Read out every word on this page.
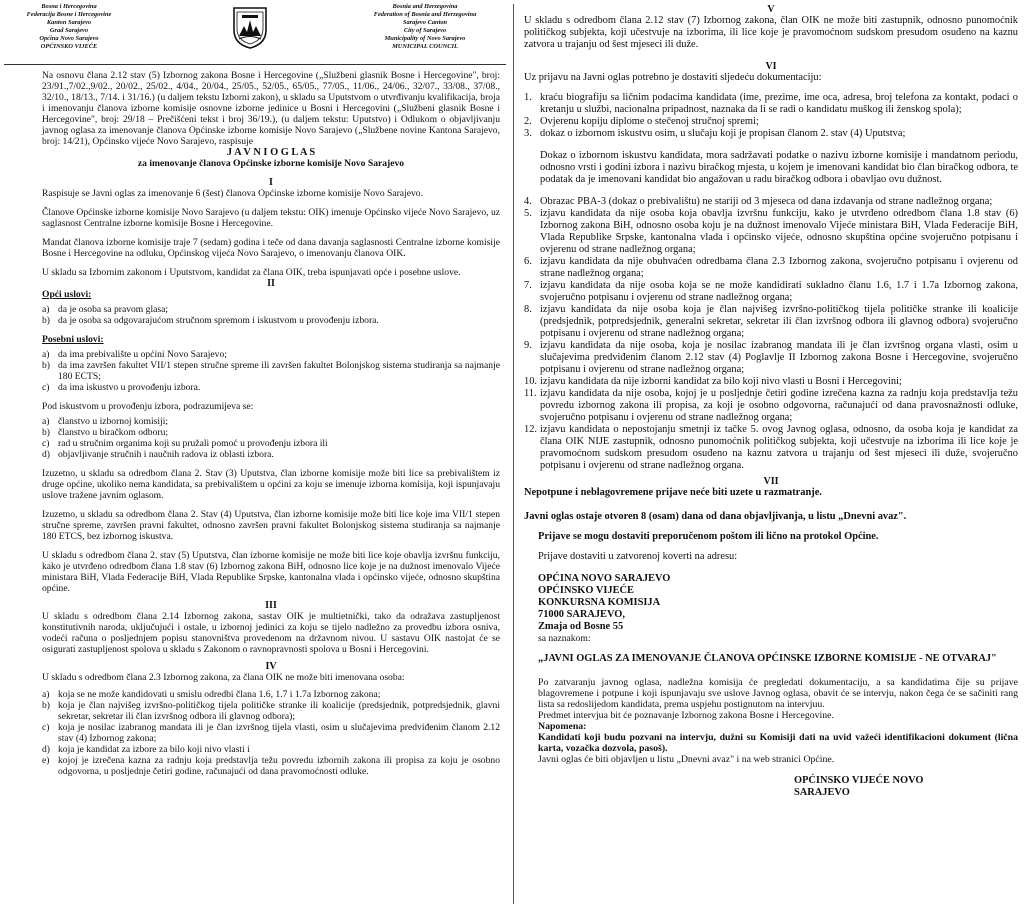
Bosna i Hercegovina
Federacija Bosne i Hercegovine
Kanton Sarajevo
Grad Sarajevo
Općina Novo Sarajevo
OPĆINSKO VIJEĆE
Bosnia and Herzegovina
Federation of Bosnia and Herzegovina
Sarajevo Canton
City of Sarajevo
Municipality of Novo Sarajevo
MUNICIPAL COUNCIL

Na osnovu člana 2.12 stav (5) Izbornog zakona Bosne i Hercegovine („Službeni glasnik Bosne i Hercegovine", broj: 23/91.,7/02.,9/02., 20/02., 25/02., 4/04., 20/04., 25/05., 52/05., 65/05., 77/05., 11/06., 24/06., 32/07., 33/08., 37/08., 32/10., 18/13., 7/14. i 31/16.) (u daljem tekstu Izborni zakon), u skladu sa Uputstvom o utvrđivanju kvalifikacija, broja i imenovanju članova izborne komisije osnovne izborne jedinice u Bosni i Hercegovini („Službeni glasnik Bosne i Hercegovine", broj: 29/18 – Prečišćeni tekst i broj 36/19.), (u daljem tekstu: Uputstvo) i Odlukom o objavljivanju javnog oglasa za imenovanje članova Općinske izborne komisije Novo Sarajevo („Službene novine Kantona Sarajevo, broj: 14/21), Općinsko vijeće Novo Sarajevo, raspisuje

J A V N I O G L A S

za imenovanje članova Općinske izborne komisije Novo Sarajevo

I

Raspisuje se Javni oglas za imenovanje 6 (šest) članova Općinske izborne komisije Novo Sarajevo.

Članove Općinske izborne komisije Novo Sarajevo (u daljem tekstu: OIK) imenuje Općinsko vijeće Novo Sarajevo, uz saglasnost Centralne izborne komisije Bosne i Hercegovine.

Mandat članova izborne komisije traje 7 (sedam) godina i teče od dana davanja saglasnosti Centralne izborne komisije Bosne i Hercegovine na odluku, Općinskog vijeća Novo Sarajevo, o imenovanju članova OIK.

U skladu sa Izbornim zakonom i Uputstvom, kandidat za člana OIK, treba ispunjavati opće i posebne uslove.

II

Opći uslovi:

a) da je osoba sa pravom glasa;
b) da je osoba sa odgovarajućom stručnom spremom i iskustvom u provođenju izbora.

Posebni uslovi:

a) da ima prebivalište u općini Novo Sarajevo;
b) da ima završen fakultet VII/1 stepen stručne spreme ili završen fakultet Bolonjskog sistema studiranja sa najmanje 180 ECTS;
c) da ima iskustvo u provođenju izbora.

Pod iskustvom u provođenju izbora, podrazumijeva se:

a) članstvo u izbornoj komisiji;
b) članstvo u biračkom odboru;
c) rad u stručnim organima koji su pružali pomoć u provođenju izbora ili
d) objavljivanje stručnih i naučnih radova iz oblasti izbora.

Izuzetno, u skladu sa odredbom člana 2. Stav (3) Uputstva, član izborne komisije može biti lice sa prebivalištem iz druge općine, ukoliko nema kandidata, sa prebivalištem u općini za koju se imenuje izborna komisija, koji ispunjavaju uslove tražene javnim oglasom.

Izuzetno, u skladu sa odredbom člana 2. Stav (4) Uputstva, član izborne komisije može biti lice koje ima VII/1 stepen stručne spreme, završen pravni fakultet, odnosno završen pravni fakultet Bolonjskog sistema studiranja sa najmanje 180 ETCS, bez izbornog iskustva.

U skladu s odredbom člana 2. stav (5) Uputstva, član izborne komisije ne može biti lice koje obavlja izvršnu funkciju, kako je utvrđeno odredbom člana 1.8 stav (6) Izbornog zakona BiH, odnosno lice koje je na dužnost imenovalo Vijeće ministara BiH, Vlada Federacije BiH, Vlada Republike Srpske, kantonalna vlada i općinsko vijeće, odnosno skupština općine.

III

U skladu s odredbom člana 2.14 Izbornog zakona, sastav OIK je multietnički, tako da odražava zastupljenost konstitutivnih naroda, uključujući i ostale, u izbornoj jedinici za koju se tijelo nadležno za provedbu izbora osniva, vodeći računa o posljednjem popisu stanovništva provedenom na državnom nivou. U sastavu OIK nastojat će se osigurati zastupljenost spolova u skladu s Zakonom o ravnopravnosti spolova u Bosni i Hercegovini.

IV

U skladu s odredbom člana 2.3 Izbornog zakona, za člana OIK ne može biti imenovana osoba:

a) koja se ne može kandidovati u smislu odredbi člana 1.6, 1.7 i 1.7a Izbornog zakona;
b) koja je član najvišeg izvršno-političkog tijela političke stranke ili koalicije (predsjednik, potpredsjednik, glavni sekretar, sekretar ili član izvršnog odbora ili glavnog odbora);
c) koja je nosilac izabranog mandata ili je član izvršnog tijela vlasti, osim u slučajevima predviđenim članom 2.12 stav (4) Izbornog zakona;
d) koja je kandidat za izbore za bilo koji nivo vlasti i
e) kojoj je izrečena kazna za radnju koja predstavlja težu povredu izbornih zakona ili propisa za koju je osobno odgovorna, u posljednje četiri godine, računajući od dana pravomoćnosti odluke.

V

U skladu s odredbom člana 2.12 stav (7) Izbornog zakona, član OIK ne može biti zastupnik, odnosno punomoćnik političkog subjekta, koji učestvuje na izborima, ili lice koje je pravomoćnom sudskom presudom osuđeno na kaznu zatvora u trajanju od šest mjeseci ili duže.

VI

Uz prijavu na Javni oglas potrebno je dostaviti sljedeću dokumentaciju:

1. kraću biografiju sa ličnim podacima kandidata (ime, prezime, ime oca, adresa, broj telefona za kontakt, podaci o kretanju u službi, nacionalna pripadnost, naznaka da li se radi o kandidatu muškog ili ženskog spola);
2. Ovjerenu kopiju diplome o stečenoj stručnoj spremi;
3. dokaz o izbornom iskustvu osim, u slučaju koji je propisan članom 2. stav (4) Uputstva;

Dokaz o izbornom iskustvu kandidata, mora sadržavati podatke o nazivu izborne komisije i mandatnom periodu, odnosno vrsti i godini izbora i nazivu biračkog mjesta, u kojem je imenovani kandidat bio član biračkog odbora, te podatak da je imenovani kandidat bio angažovan u radu biračkog odbora i obavljao ovu dužnost.

4. Obrazac PBA-3 (dokaz o prebivalištu) ne stariji od 3 mjeseca od dana izdavanja od strane nadležnog organa;
5. izjavu kandidata da nije osoba koja obavlja izvršnu funkciju, kako je utvrđeno odredbom člana 1.8 stav (6) Izbornog zakona BiH, odnosno osoba koju je na dužnost imenovalo Vijeće ministara BiH, Vlada Federacije BiH, Vlada Republike Srpske, kantonalna vlada i općinsko vijeće, odnosno skupština općine svojeručno potpisanu i ovjerenu od strane nadležnog organa;
6. izjavu kandidata da nije obuhvaćen odredbama člana 2.3 Izbornog zakona, svojeručno potpisanu i ovjerenu od strane nadležnog organa;
7. izjavu kandidata da nije osoba koja se ne može kandidirati sukladno članu 1.6, 1.7 i 1.7a Izbornog zakona, svojeručno potpisanu i ovjerenu od strane nadležnog organa;
8. izjavu kandidata da nije osoba koja je član najvišeg izvršno-političkog tijela političke stranke ili koalicije (predsjednik, potpredsjednik, generalni sekretar, sekretar ili član izvršnog odbora ili glavnog odbora) svojeručno potpisanu i ovjerenu od strane nadležnog organa;
9. izjavu kandidata da nije osoba, koja je nosilac izabranog mandata ili je član izvršnog organa vlasti, osim u slučajevima predviđenim članom 2.12 stav (4) Poglavlje II Izbornog zakona Bosne i Hercegovine, svojeručno potpisanu i ovjerenu od strane nadležnog organa;
10. izjavu kandidata da nije izborni kandidat za bilo koji nivo vlasti u Bosni i Hercegovini;
11. izjavu kandidata da nije osoba, kojoj je u posljednje četiri godine izrečena kazna za radnju koja predstavlja težu povredu izbornog zakona ili propisa, za koji je osobno odgovorna, računajući od dana pravosnažnosti odluke, svojeručno potpisanu i ovjerenu od strane nadležnog organa;
12. izjavu kandidata o nepostojanju smetnji iz tačke 5. ovog Javnog oglasa, odnosno, da osoba koja je kandidat za člana OIK NIJE zastupnik, odnosno punomoćnik političkog subjekta, koji učestvuje na izborima ili lice koje je pravomoćnom sudskom presudom osuđeno na kaznu zatvora u trajanju od šest mjeseci ili duže, svojeručno potpisanu i ovjerenu od strane nadležnog organa.

VII

Nepotpune i neblagovremene prijave neće biti uzete u razmatranje.

Javni oglas ostaje otvoren 8 (osam) dana od dana objavljivanja, u listu „Dnevni avaz".

Prijave se mogu dostaviti preporučenom poštom ili lično na protokol Općine.

Prijave dostaviti u zatvorenoj koverti na adresu:

OPĆINA NOVO SARAJEVO
OPĆINSKO VIJEĆE
KONKURSNA KOMISIJA
71000 SARAJEVO,
Zmaja od Bosne 55
sa naznakom:

„JAVNI OGLAS ZA IMENOVANJE ČLANOVA OPĆINSKE IZBORNE KOMISIJE - NE OTVARAJ"

Po zatvaranju javnog oglasa, nadležna komisija će pregledati dokumentaciju, a sa kandidatima čije su prijave blagovremene i potpune i koji ispunjavaju sve uslove Javnog oglasa, obavit će se intervju, nakon čega će se sačiniti rang lista sa redoslijedom kandidata, prema uspjehu postignutom na intervjuu.

Predmet intervjua bit će poznavanje Izbornog zakona Bosne i Hercegovine.

Napomena:

Kandidati koji budu pozvani na intervju, dužni su Komisiji dati na uvid važeći identifikacioni dokument (lična karta, vozačka dozvola, pasoš).

Javni oglas će biti objavljen u listu „Dnevni avaz" i na web stranici Općine.

OPĆINSKO VIJEĆE NOVO
SARAJEVO
